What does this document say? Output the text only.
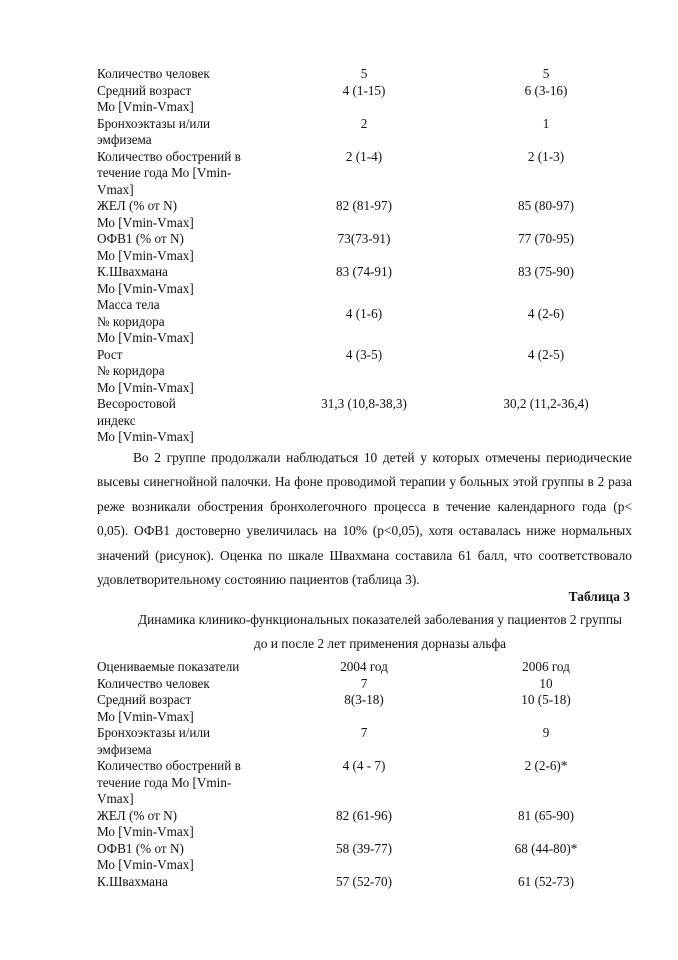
Количество человек	5	5
Средний возраст
Мо [Vmin-Vmax]
4 (1-15)	6 (3-16)
Бронхоэктазы и/или
эмфизема
2	1
Количество обострений в
течение года Мо [Vmin-
Vmax]
2 (1-4)	2 (1-3)
ЖЕЛ (% от N)
Мо [Vmin-Vmax]
82 (81-97)	85 (80-97)
ОФВ1 (% от N)
Мо [Vmin-Vmax]
73(73-91)	77 (70-95)
К.Швахмана
Мо [Vmin-Vmax]
83 (74-91)	83 (75-90)
Масса тела
№ коридора
Мо [Vmin-Vmax]
4 (1-6)	4 (2-6)
Рост
№ коридора
Мо [Vmin-Vmax]
4 (3-5)	4 (2-5)
Весоростовой
индекс
Мо [Vmin-Vmax]
31,3 (10,8-38,3)	30,2 (11,2-36,4)
Во 2 группе продолжали наблюдаться 10 детей у которых отмечены периодические высевы синегнойной палочки. На фоне проводимой терапии у больных этой группы в 2 раза реже возникали обострения бронхолегочного процесса в течение календарного года (р< 0,05). ОФВ1 достоверно увеличилась на 10% (р<0,05), хотя оставалась ниже нормальных значений (рисунок). Оценка по шкале Швахмана составила 61 балл, что соответствовало удовлетворительному состоянию пациентов (таблица 3).
Таблица 3
Динамика клинико-функциональных показателей заболевания у пациентов 2 группы
до и после 2 лет применения дорназы альфа
Оцениваемые показатели	2004 год	2006 год
Количество человек	7	10
Средний возраст
Мо [Vmin-Vmax]
8(3-18)	10 (5-18)
Бронхоэктазы и/или
эмфизема
7	9
Количество обострений в
течение года Мо [Vmin-
Vmax]
4 (4 - 7)	2 (2-6)*
ЖЕЛ (% от N)
Мо [Vmin-Vmax]
82 (61-96)	81 (65-90)
ОФВ1 (% от N)
Мо [Vmin-Vmax]
58 (39-77)	68 (44-80)*
К.Швахмана	57 (52-70)	61 (52-73)
